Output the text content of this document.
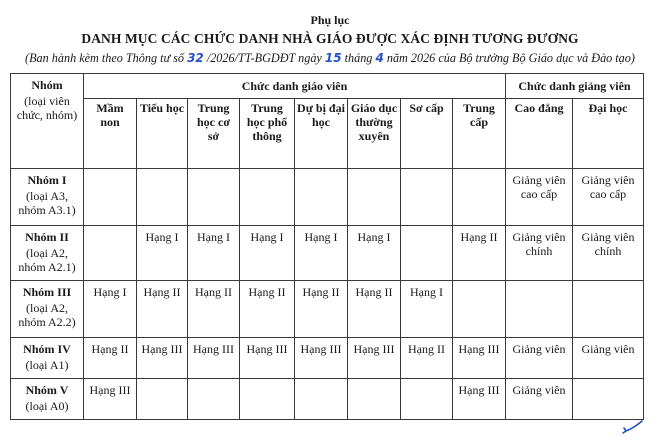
Phụ lục
DANH MỤC CÁC CHỨC DANH NHÀ GIÁO ĐƯỢC XÁC ĐỊNH TƯƠNG ĐƯƠNG
(Ban hành kèm theo Thông tư số 32 /2026/TT-BGDĐT ngày 15 tháng 4 năm 2026 của Bộ trưởng Bộ Giáo dục và Đào tạo)
Nhóm
(loại viên chức, nhóm)	Chức danh giáo viên								Chức danh giảng viên	
	Mầm non	Tiểu học	Trung học cơ sở	Trung học phổ thông	Dự bị đại học	Giáo dục thường xuyên	Sơ cấp	Trung cấp	Cao đẳng	Đại học

Nhóm I
(loại A3, nhóm A3.1)									Giảng viên cao cấp	Giảng viên cao cấp

Nhóm II
(loại A2, nhóm A2.1)		Hạng I	Hạng I	Hạng I	Hạng I	Hạng I		Hạng II	Giảng viên chính	Giảng viên chính

Nhóm III
(loại A2, nhóm A2.2)	Hạng I	Hạng II	Hạng II	Hạng II	Hạng II	Hạng II	Hạng I			

Nhóm IV
(loại A1)	Hạng II	Hạng III	Hạng III	Hạng III	Hạng III	Hạng III	Hạng II	Hạng III	Giảng viên	Giảng viên

Nhóm V
(loại A0)	Hạng III							Hạng III	Giảng viên	
